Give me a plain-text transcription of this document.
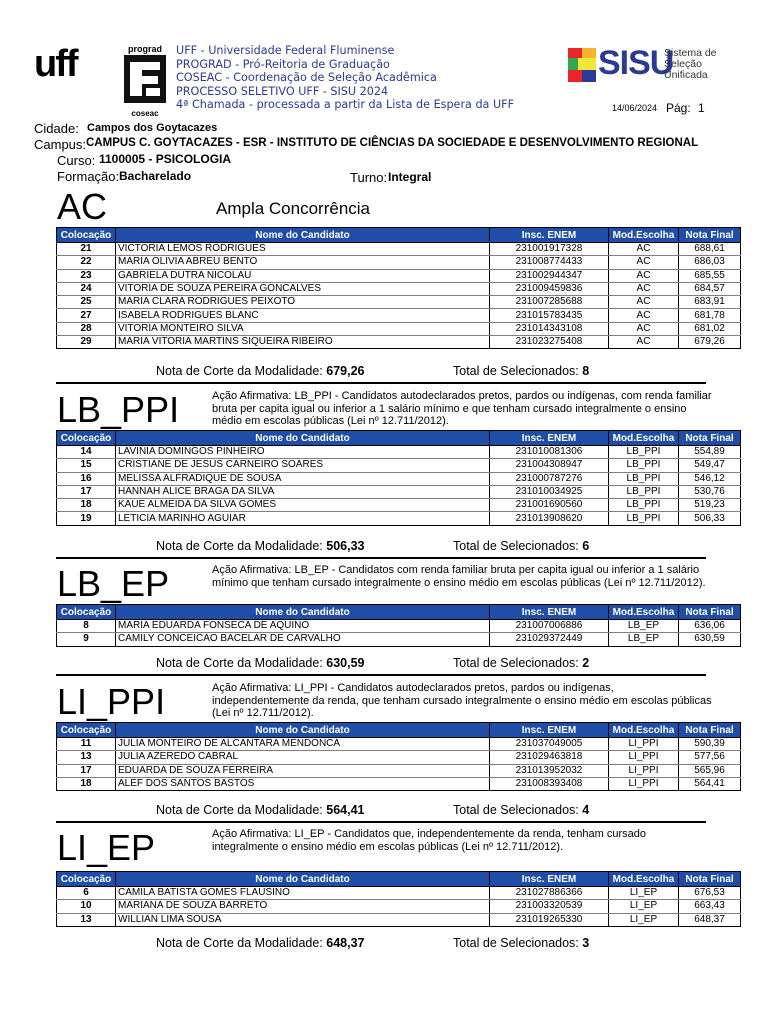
uff	prograd
coseac
UFF - Universidade Federal Fluminense
PROGRAD - Pró-Reitoria de Graduação
COSEAC - Coordenação de Seleção Acadêmica
PROCESSO SELETIVO UFF - SISU 2024
4ª Chamada - processada a partir da Lista de Espera da UFF
SISU
Sistema de
Seleção
Unificada
14/06/2024 Pág: 1
Cidade: Campos dos Goytacazes
Campus: CAMPUS C. GOYTACAZES - ESR - INSTITUTO DE CIÊNCIAS DA SOCIEDADE E DESENVOLVIMENTO REGIONAL
Curso: 1100005 - PSICOLOGIA
Formação: Bacharelado	Turno: Integral
AC	Ampla Concorrência
Colocação	Nome do Candidato	Insc. ENEM	Mod.Escolha	Nota Final
21	VICTORIA LEMOS RODRIGUES	231001917328	AC	688,61
22	MARIA OLIVIA ABREU BENTO	231008774433	AC	686,03
23	GABRIELA DUTRA NICOLAU	231002944347	AC	685,55
24	VITORIA DE SOUZA PEREIRA GONCALVES	231009459836	AC	684,57
25	MARIA CLARA RODRIGUES PEIXOTO	231007285688	AC	683,91
27	ISABELA RODRIGUES BLANC	231015783435	AC	681,78
28	VITORIA MONTEIRO SILVA	231014343108	AC	681,02
29	MARIA VITORIA MARTINS SIQUEIRA RIBEIRO	231023275408	AC	679,26
Nota de Corte da Modalidade: 679,26	Total de Selecionados: 8
LB_PPI	Ação Afirmativa: LB_PPI - Candidatos autodeclarados pretos, pardos ou indígenas, com renda familiar bruta per capita igual ou inferior a 1 salário mínimo e que tenham cursado integralmente o ensino médio em escolas públicas (Lei nº 12.711/2012).
Colocação	Nome do Candidato	Insc. ENEM	Mod.Escolha	Nota Final
14	LAVINIA DOMINGOS PINHEIRO	231010081306	LB_PPI	554,89
15	CRISTIANE DE JESUS CARNEIRO SOARES	231004308947	LB_PPI	549,47
16	MELISSA ALFRADIQUE DE SOUSA	231000787276	LB_PPI	546,12
17	HANNAH ALICE BRAGA DA SILVA	231010034925	LB_PPI	530,76
18	KAUE ALMEIDA DA SILVA GOMES	231001690560	LB_PPI	519,23
19	LETICIA MARINHO AGUIAR	231013908620	LB_PPI	506,33
Nota de Corte da Modalidade: 506,33	Total de Selecionados: 6
LB_EP	Ação Afirmativa: LB_EP - Candidatos com renda familiar bruta per capita igual ou inferior a 1 salário mínimo que tenham cursado integralmente o ensino médio em escolas públicas (Lei nº 12.711/2012).
Colocação	Nome do Candidato	Insc. ENEM	Mod.Escolha	Nota Final
8	MARIA EDUARDA FONSECA DE AQUINO	231007006886	LB_EP	636,06
9	CAMILY CONCEICAO BACELAR DE CARVALHO	231029372449	LB_EP	630,59
Nota de Corte da Modalidade: 630,59	Total de Selecionados: 2
LI_PPI	Ação Afirmativa: LI_PPI - Candidatos autodeclarados pretos, pardos ou indígenas, independentemente da renda, que tenham cursado integralmente o ensino médio em escolas públicas (Lei nº 12.711/2012).
Colocação	Nome do Candidato	Insc. ENEM	Mod.Escolha	Nota Final
11	JULIA MONTEIRO DE ALCANTARA MENDONCA	231037049005	LI_PPI	590,39
13	JULIA AZEREDO CABRAL	231029463818	LI_PPI	577,56
17	EDUARDA DE SOUZA FERREIRA	231013952032	LI_PPI	565,96
18	ALEF DOS SANTOS BASTOS	231008393408	LI_PPI	564,41
Nota de Corte da Modalidade: 564,41	Total de Selecionados: 4
LI_EP	Ação Afirmativa: LI_EP - Candidatos que, independentemente da renda, tenham cursado integralmente o ensino médio em escolas públicas (Lei nº 12.711/2012).
Colocação	Nome do Candidato	Insc. ENEM	Mod.Escolha	Nota Final
6	CAMILA BATISTA GOMES FLAUSINO	231027886366	LI_EP	676,53
10	MARIANA DE SOUZA BARRETO	231003320539	LI_EP	663,43
13	WILLIAN LIMA SOUSA	231019265330	LI_EP	648,37
Nota de Corte da Modalidade: 648,37	Total de Selecionados: 3
